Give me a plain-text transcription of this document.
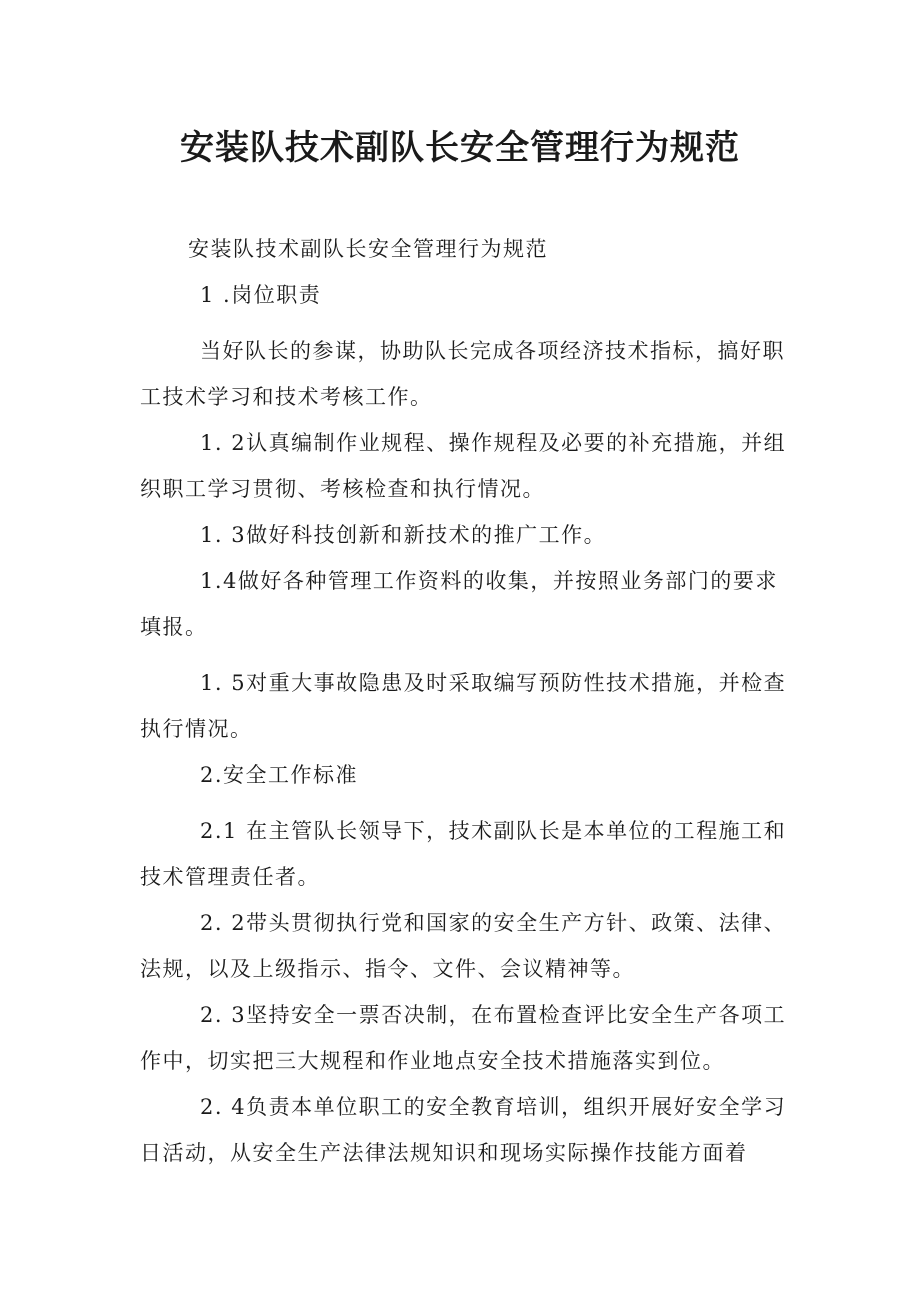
安装队技术副队长安全管理行为规范

安装队技术副队长安全管理行为规范

1 .岗位职责

当好队长的参谋，协助队长完成各项经济技术指标，搞好职工技术学习和技术考核工作。

1. 2认真编制作业规程、操作规程及必要的补充措施，并组织职工学习贯彻、考核检查和执行情况。

1. 3做好科技创新和新技术的推广工作。

1.4做好各种管理工作资料的收集，并按照业务部门的要求填报。

1. 5对重大事故隐患及时采取编写预防性技术措施，并检查执行情况。

2.安全工作标准

2.1 在主管队长领导下，技术副队长是本单位的工程施工和技术管理责任者。

2. 2带头贯彻执行党和国家的安全生产方针、政策、法律、法规，以及上级指示、指令、文件、会议精神等。

2. 3坚持安全一票否决制，在布置检查评比安全生产各项工作中，切实把三大规程和作业地点安全技术措施落实到位。

2. 4负责本单位职工的安全教育培训，组织开展好安全学习日活动，从安全生产法律法规知识和现场实际操作技能方面着
